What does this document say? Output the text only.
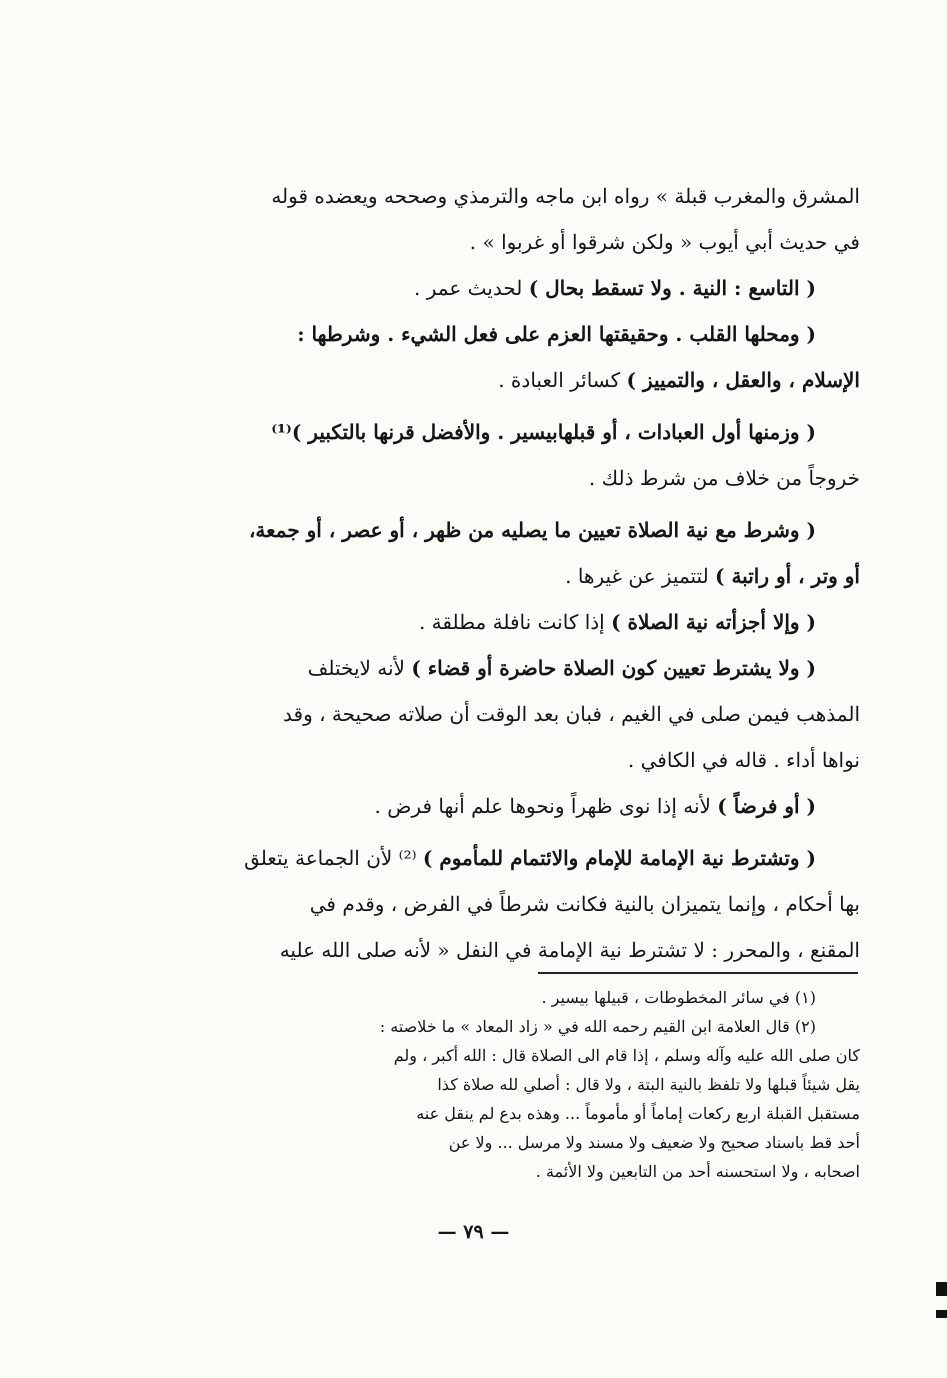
المشرق والمغرب قبلة » رواه ابن ماجه والترمذي وصححه ويعضده قوله
في حديث أبي أيوب « ولكن شرقوا أو غربوا » .
( التاسع : النية . ولا تسقط بحال ) لحديث عمر .
( ومحلها القلب . وحقيقتها العزم على فعل الشيء . وشرطها :
الإسلام ، والعقل ، والتمييز ) كسائر العبادة .
( وزمنها أول العبادات ، أو قبلهابيسير . والأفضل قرنها بالتكبير )⁽¹⁾
خروجاً من خلاف من شرط ذلك .
( وشرط مع نية الصلاة تعيين ما يصليه من ظهر ، أو عصر ، أو جمعة،
أو وتر ، أو راتبة ) لتتميز عن غيرها .
( وإلا أجزأته نية الصلاة ) إذا كانت نافلة مطلقة .
( ولا يشترط تعيين كون الصلاة حاضرة أو قضاء ) لأنه لايختلف
المذهب فيمن صلى في الغيم ، فبان بعد الوقت أن صلاته صحيحة ، وقد
نواها أداء . قاله في الكافي .
( أو فرضاً ) لأنه إذا نوى ظهراً ونحوها علم أنها فرض .
( وتشترط نية الإمامة للإمام والائتمام للمأموم ) ⁽²⁾ لأن الجماعة يتعلق
بها أحكام ، وإنما يتميزان بالنية فكانت شرطاً في الفرض ، وقدم في
المقنع ، والمحرر : لا تشترط نية الإمامة في النفل « لأنه صلى الله عليه
(١) في سائر المخطوطات ، قبيلها بيسير .
(٢) قال العلامة ابن القيم رحمه الله في « زاد المعاد » ما خلاصته :
كان صلى الله عليه وآله وسلم ، إذا قام الى الصلاة قال : الله أكبر ، ولم
يقل شيئاً قبلها ولا تلفظ بالنية البتة ، ولا قال : أصلي لله صلاة كذا
مستقبل القبلة اربع ركعات إماماً أو مأموماً ... وهذه بدع لم ينقل عنه
أحد قط باسناد صحيح ولا ضعيف ولا مسند ولا مرسل ... ولا عن
اصحابه ، ولا استحسنه أحد من التابعين ولا الأئمة .
— ٧٩ —
